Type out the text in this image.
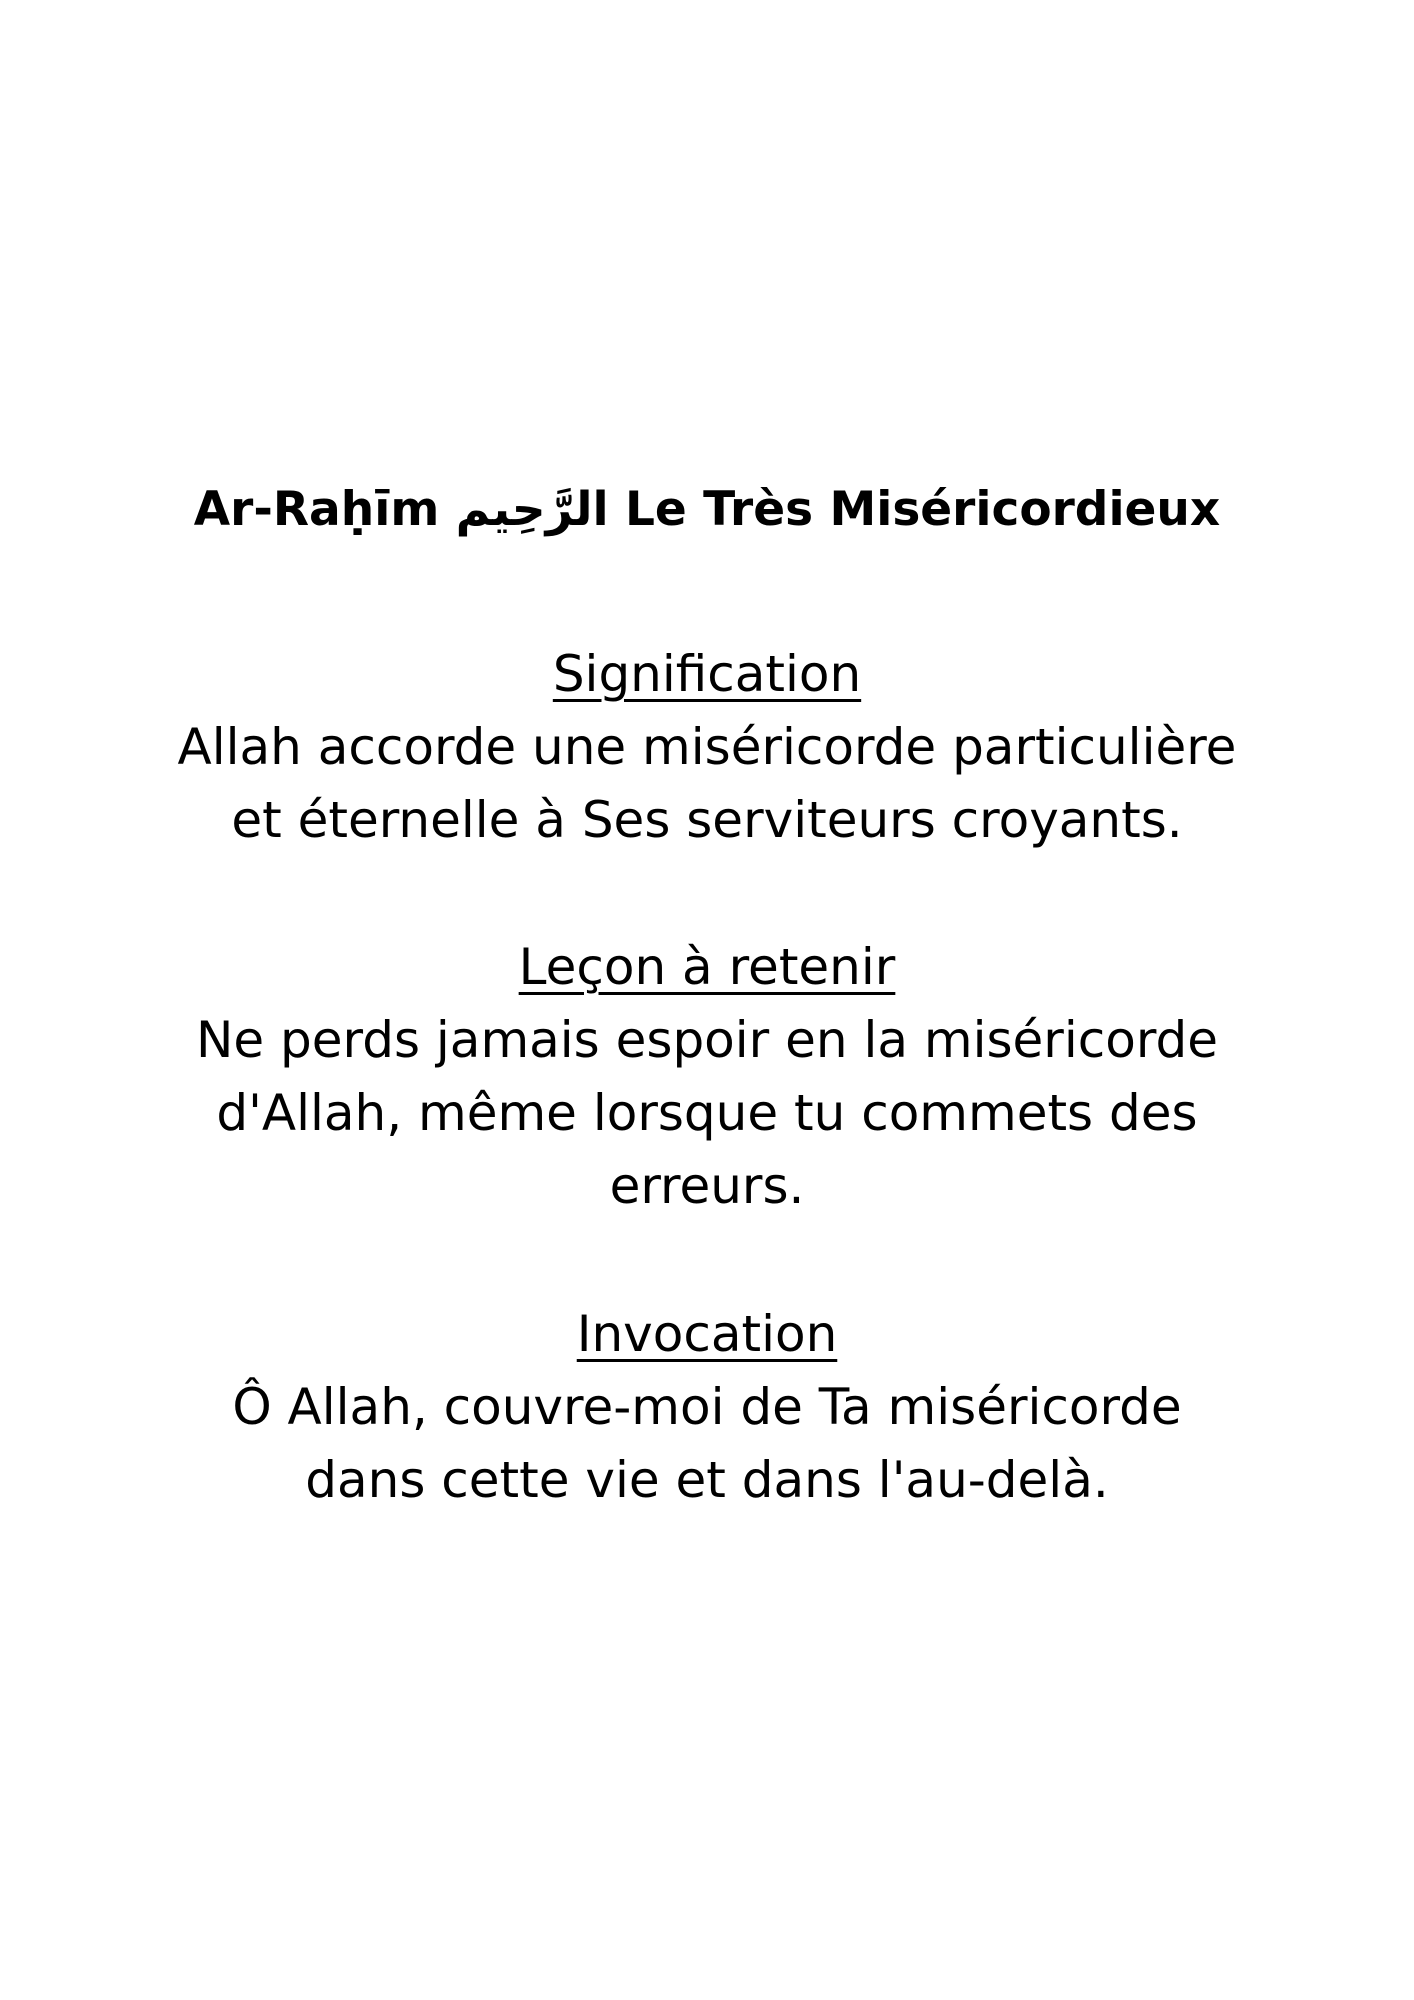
Ar-Raḥīm الرَّحِيم Le Très Miséricordieux
Signification
Allah accorde une miséricorde particulière
et éternelle à Ses serviteurs croyants.
Leçon à retenir
Ne perds jamais espoir en la miséricorde
d'Allah, même lorsque tu commets des
erreurs.
Invocation
Ô Allah, couvre-moi de Ta miséricorde
dans cette vie et dans l'au-delà.
